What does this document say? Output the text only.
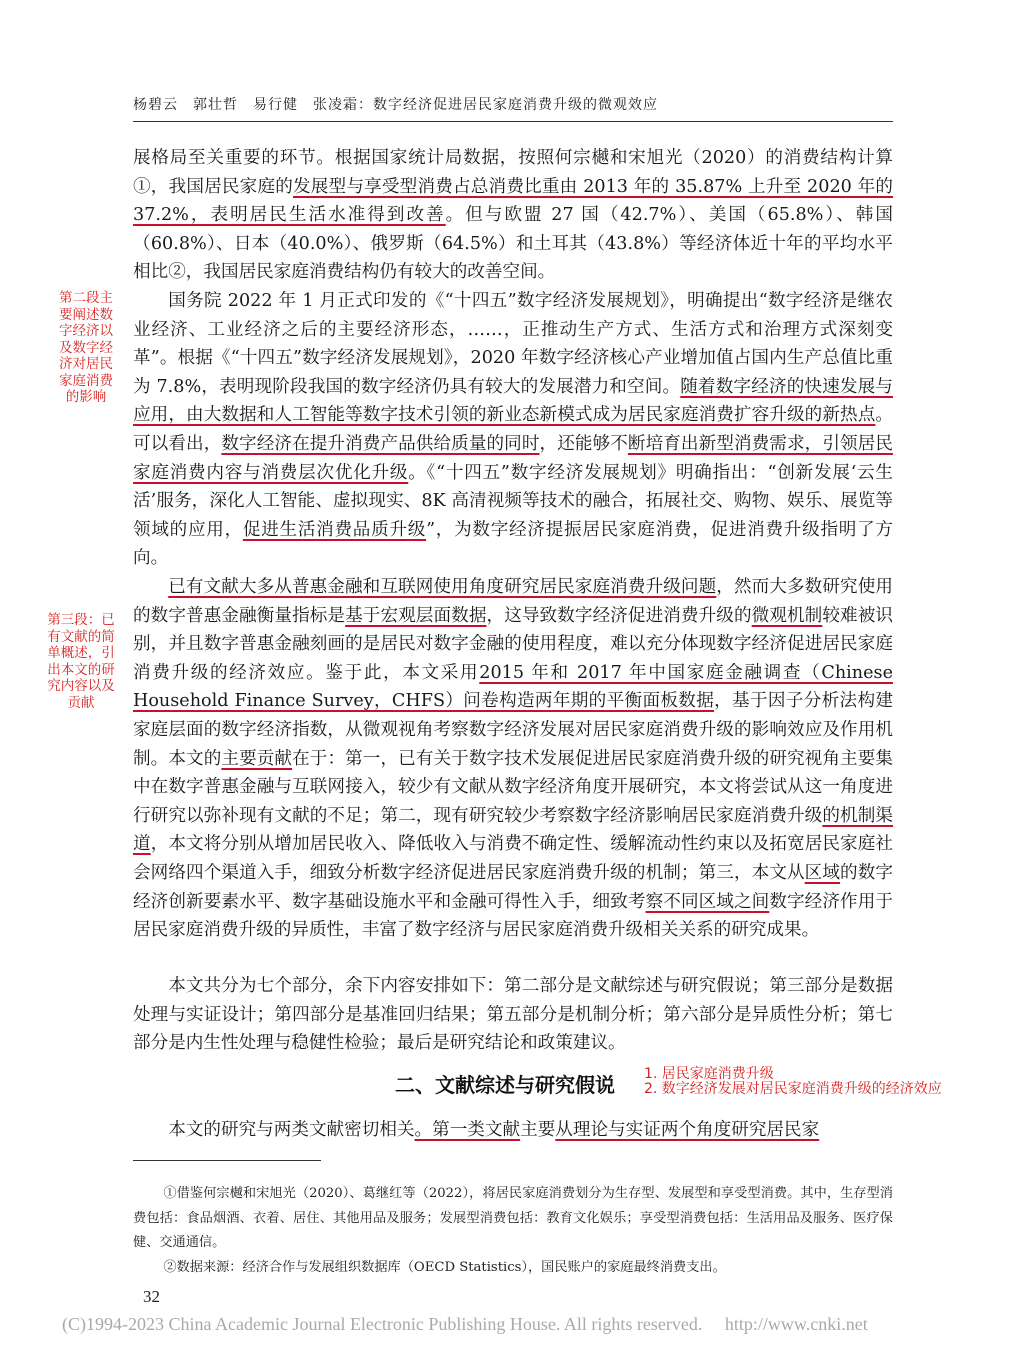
杨碧云　郭壮哲　易行健　张凌霜：数字经济促进居民家庭消费升级的微观效应

展格局至关重要的环节。根据国家统计局数据，按照何宗樾和宋旭光（2020）的消费结构计算①，我国居民家庭的发展型与享受型消费占总消费比重由 2013 年的 35.87% 上升至 2020 年的 37.2%，表明居民生活水准得到改善。但与欧盟 27 国（42.7%）、美国（65.8%）、韩国（60.8%）、日本（40.0%）、俄罗斯（64.5%）和土耳其（43.8%）等经济体近十年的平均水平相比②，我国居民家庭消费结构仍有较大的改善空间。

国务院 2022 年 1 月正式印发的《“十四五”数字经济发展规划》，明确提出“数字经济是继农业经济、工业经济之后的主要经济形态，……，正推动生产方式、生活方式和治理方式深刻变革”。根据《“十四五”数字经济发展规划》，2020 年数字经济核心产业增加值占国内生产总值比重为 7.8%，表明现阶段我国的数字经济仍具有较大的发展潜力和空间。随着数字经济的快速发展与应用，由大数据和人工智能等数字技术引领的新业态新模式成为居民家庭消费扩容升级的新热点。可以看出，数字经济在提升消费产品供给质量的同时，还能够不断培育出新型消费需求，引领居民家庭消费内容与消费层次优化升级。《“十四五”数字经济发展规划》明确指出：“创新发展‘云生活’服务，深化人工智能、虚拟现实、8K 高清视频等技术的融合，拓展社交、购物、娱乐、展览等领域的应用，促进生活消费品质升级”，为数字经济提振居民家庭消费，促进消费升级指明了方向。

已有文献大多从普惠金融和互联网使用角度研究居民家庭消费升级问题，然而大多数研究使用的数字普惠金融衡量指标是基于宏观层面数据，这导致数字经济促进消费升级的微观机制较难被识别，并且数字普惠金融刻画的是居民对数字金融的使用程度，难以充分体现数字经济促进居民家庭消费升级的经济效应。鉴于此，本文采用2015 年和 2017 年中国家庭金融调查（Chinese Household Finance Survey，CHFS）问卷构造两年期的平衡面板数据，基于因子分析法构建家庭层面的数字经济指数，从微观视角考察数字经济发展对居民家庭消费升级的影响效应及作用机制。本文的主要贡献在于：第一，已有关于数字技术发展促进居民家庭消费升级的研究视角主要集中在数字普惠金融与互联网接入，较少有文献从数字经济角度开展研究，本文将尝试从这一角度进行研究以弥补现有文献的不足；第二，现有研究较少考察数字经济影响居民家庭消费升级的机制渠道，本文将分别从增加居民收入、降低收入与消费不确定性、缓解流动性约束以及拓宽居民家庭社会网络四个渠道入手，细致分析数字经济促进居民家庭消费升级的机制；第三，本文从区域的数字经济创新要素水平、数字基础设施水平和金融可得性入手，细致考察不同区域之间数字经济作用于居民家庭消费升级的异质性，丰富了数字经济与居民家庭消费升级相关关系的研究成果。

本文共分为七个部分，余下内容安排如下：第二部分是文献综述与研究假说；第三部分是数据处理与实证设计；第四部分是基准回归结果；第五部分是机制分析；第六部分是异质性分析；第七部分是内生性处理与稳健性检验；最后是研究结论和政策建议。

二、文献综述与研究假说 1. 居民家庭消费升级
2. 数字经济发展对居民家庭消费升级的经济效应

本文的研究与两类文献密切相关。第一类文献主要从理论与实证两个角度研究居民家

第二段主要阐述数字经济以及数字经济对居民家庭消费的影响
第三段：已有文献的简单概述，引出本文的研究内容以及贡献

①借鉴何宗樾和宋旭光（2020）、葛继红等（2022），将居民家庭消费划分为生存型、发展型和享受型消费。其中，生存型消费包括：食品烟酒、衣着、居住、其他用品及服务；发展型消费包括：教育文化娱乐；享受型消费包括：生活用品及服务、医疗保健、交通通信。

②数据来源：经济合作与发展组织数据库（OECD Statistics），国民账户的家庭最终消费支出。

32
(C)1994-2023 China Academic Journal Electronic Publishing House. All rights reserved.　 http://www.cnki.net
